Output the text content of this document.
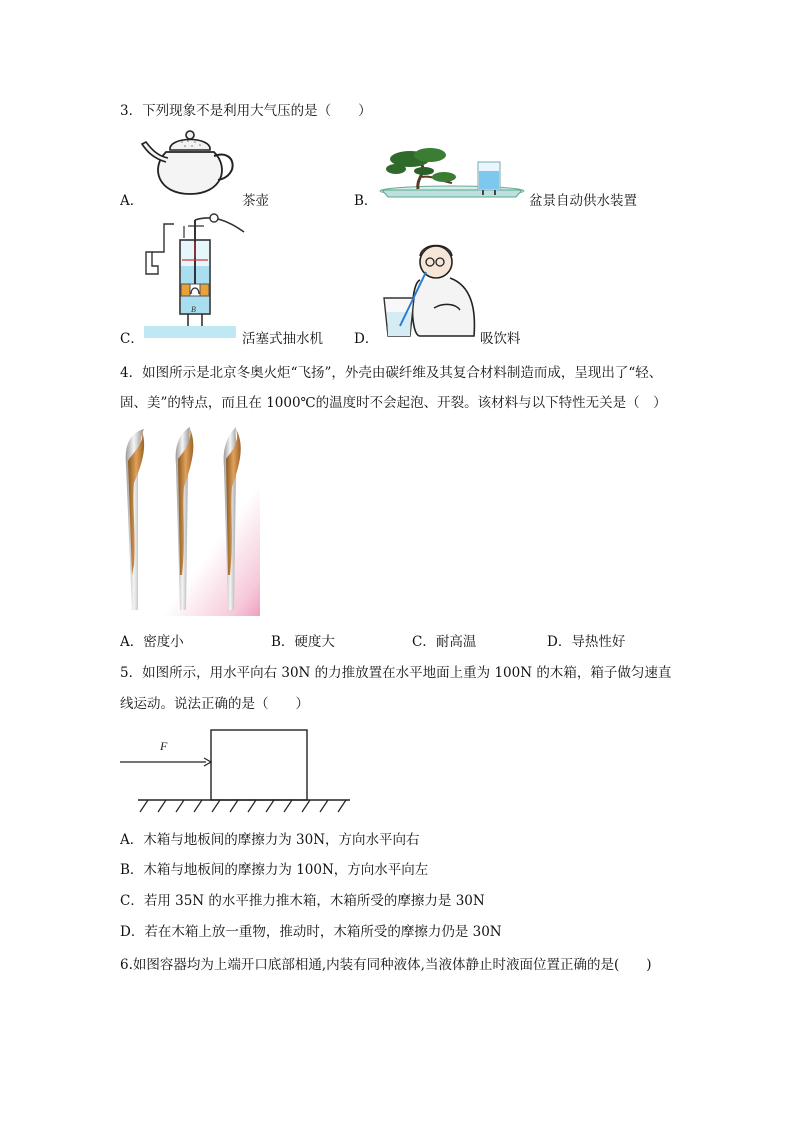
3．下列现象不是利用大气压的是（　　）
A．	茶壶	B．	盆景自动供水装置
B
C．	活塞式抽水机 D．	吸饮料
4．如图所示是北京冬奥火炬“飞扬”，外壳由碳纤维及其复合材料制造而成，呈现出了“轻、
固、美”的特点，而且在 1000℃的温度时不会起泡、开裂。该材料与以下特性无关是（　）
A．密度小	B．硬度大	C．耐高温	D．导热性好
5．如图所示，用水平向右 30N 的力推放置在水平地面上重为 100N 的木箱，箱子做匀速直
线运动。说法正确的是（　　）
F
A．木箱与地板间的摩擦力为 30N，方向水平向右
B．木箱与地板间的摩擦力为 100N，方向水平向左
C．若用 35N 的水平推力推木箱，木箱所受的摩擦力是 30N
D．若在木箱上放一重物，推动时，木箱所受的摩擦力仍是 30N
6.如图容器均为上端开口底部相通,内装有同种液体,当液体静止时液面位置正确的是(　　)
